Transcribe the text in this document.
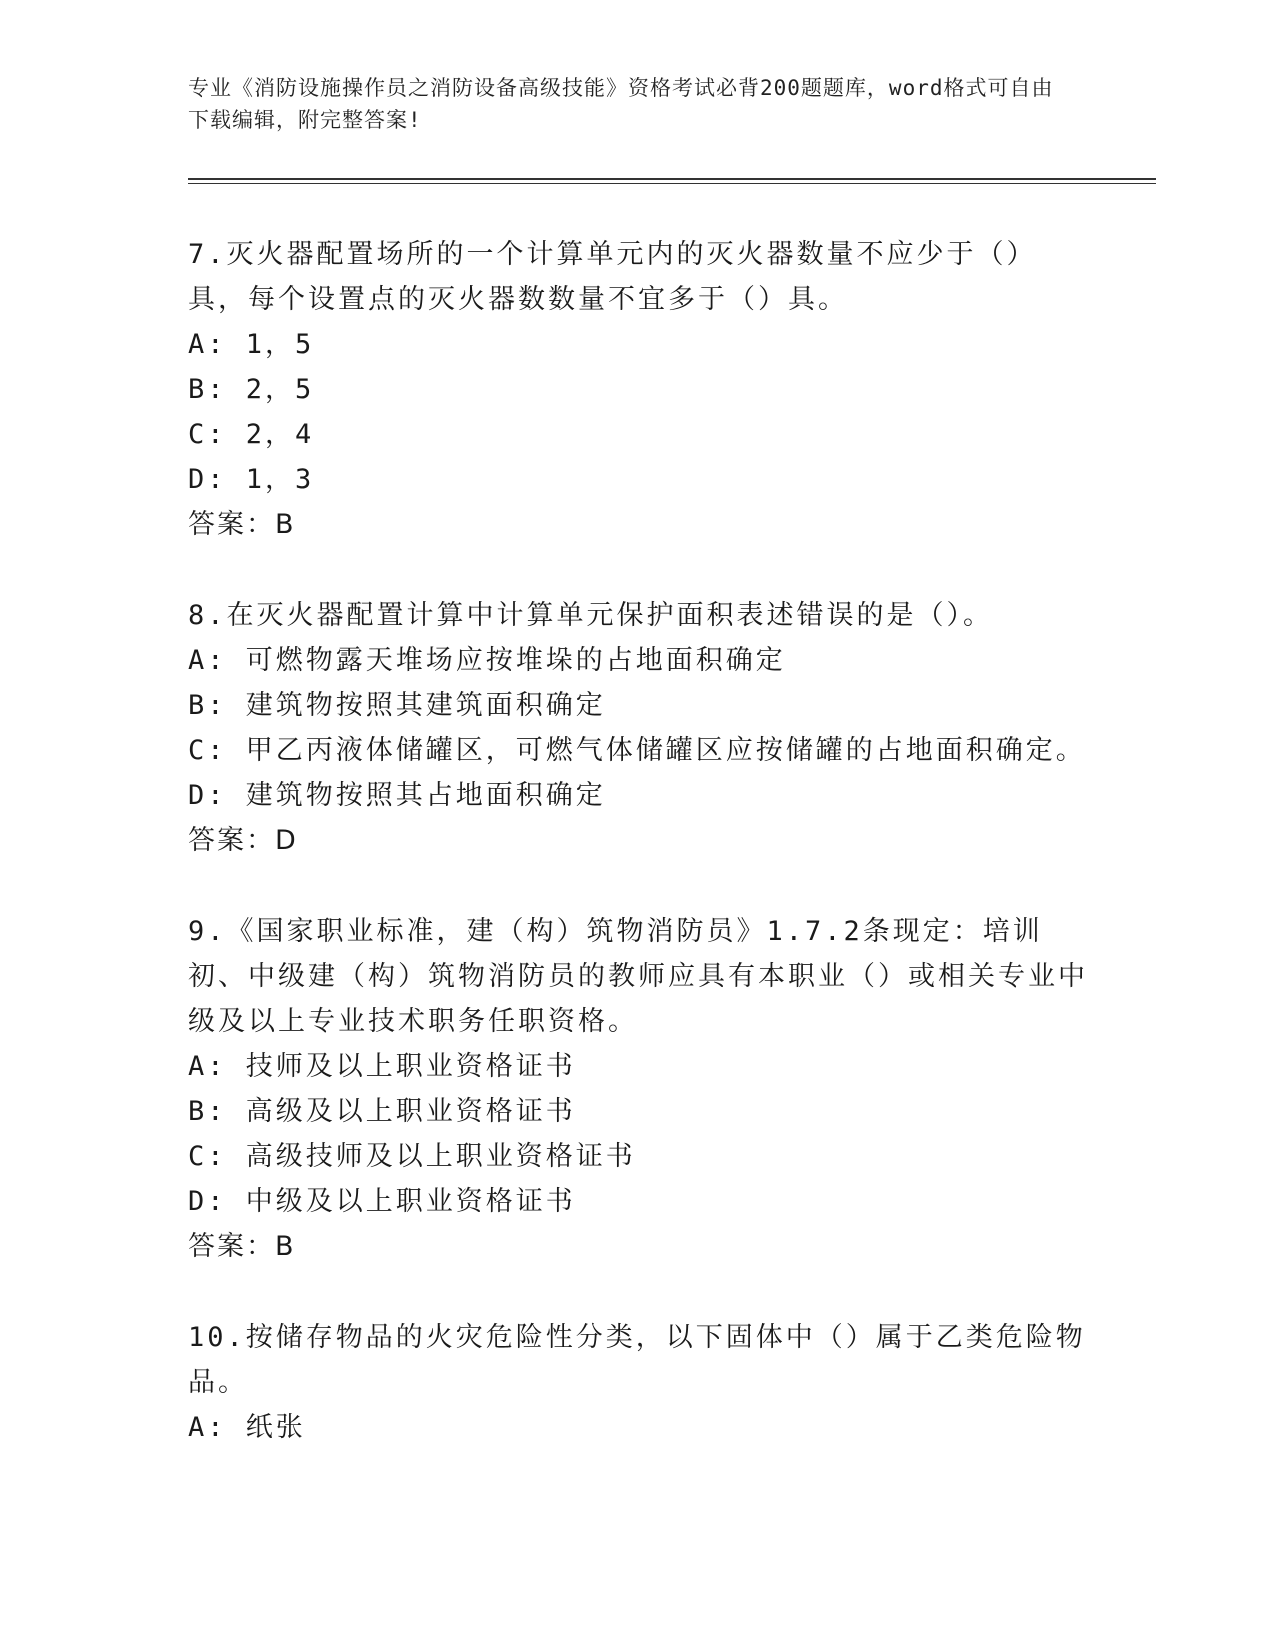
专业《消防设施操作员之消防设备高级技能》资格考试必背200题题库，word格式可自由下载编辑，附完整答案!

7.灭火器配置场所的一个计算单元内的灭火器数量不应少于（）具，每个设置点的灭火器数数量不宜多于（）具。

A: 1，5

B: 2，5

C: 2，4

D: 1，3

答案：B

8.在灭火器配置计算中计算单元保护面积表述错误的是（）。

A: 可燃物露天堆场应按堆垛的占地面积确定

B: 建筑物按照其建筑面积确定

C: 甲乙丙液体储罐区，可燃气体储罐区应按储罐的占地面积确定。

D: 建筑物按照其占地面积确定

答案：D

9.《国家职业标准，建（构）筑物消防员》1.7.2条现定：培训初、中级建（构）筑物消防员的教师应具有本职业（）或相关专业中级及以上专业技术职务任职资格。

A: 技师及以上职业资格证书

B: 高级及以上职业资格证书

C: 高级技师及以上职业资格证书

D: 中级及以上职业资格证书

答案：B

10.按储存物品的火灾危险性分类，以下固体中（）属于乙类危险物品。

A: 纸张
